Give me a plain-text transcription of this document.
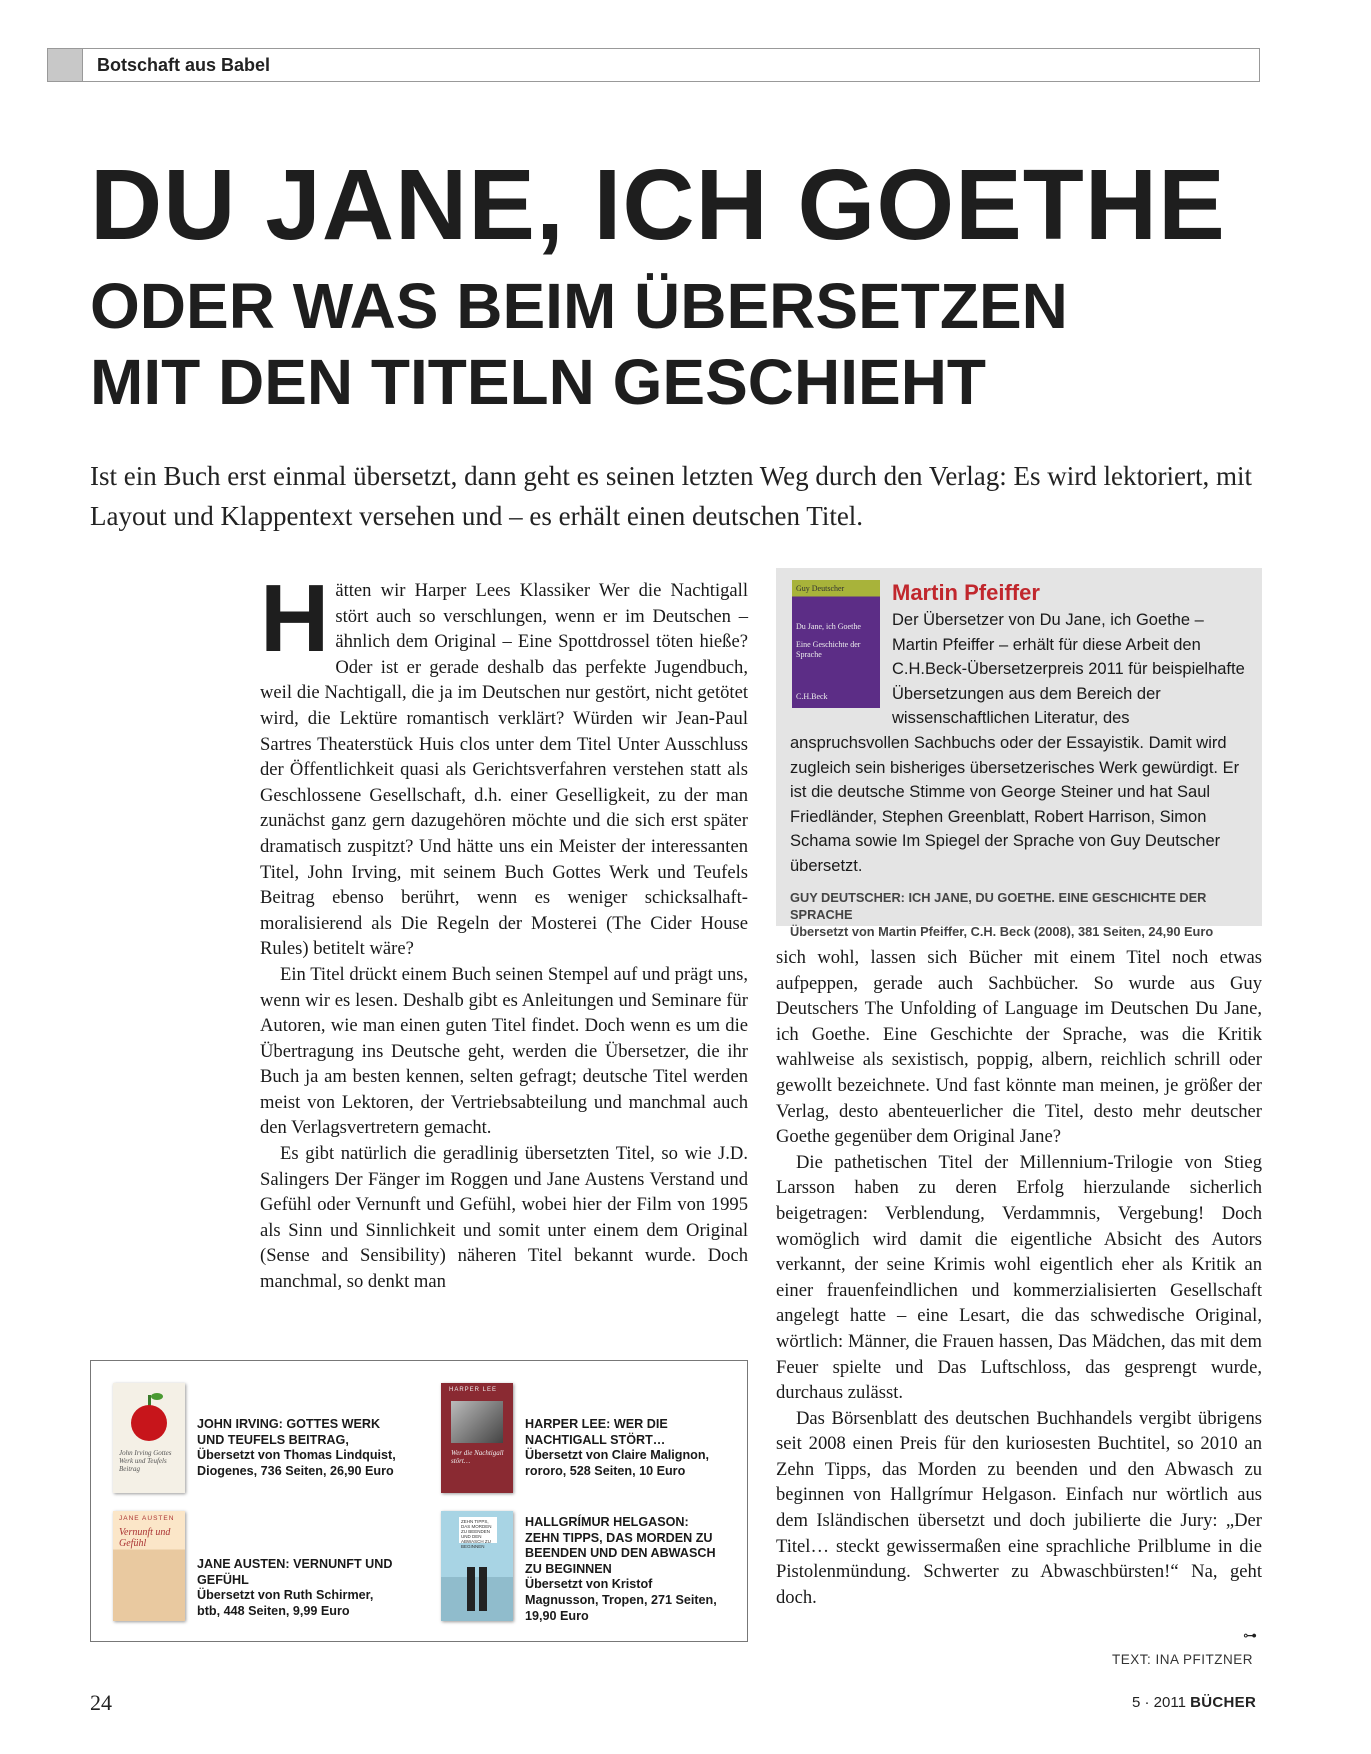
Botschaft aus Babel
DU JANE, ICH GOETHE
ODER WAS BEIM ÜBERSETZEN
MIT DEN TITELN GESCHIEHT
Ist ein Buch erst einmal übersetzt, dann geht es seinen letzten Weg durch den Verlag: Es wird lektoriert, mit Layout und Klappentext versehen und – es erhält einen deutschen Titel.

Hätten wir Harper Lees Klassiker Wer die Nachtigall stört auch so verschlungen, wenn er im Deutschen – ähnlich dem Original – Eine Spottdrossel töten hieße? Oder ist er gerade deshalb das perfekte Jugendbuch, weil die Nachtigall, die ja im Deutschen nur gestört, nicht getötet wird, die Lektüre romantisch verklärt? Würden wir Jean-Paul Sartres Theaterstück Huis clos unter dem Titel Unter Ausschluss der Öffentlichkeit quasi als Gerichtsverfahren verstehen statt als Geschlossene Gesellschaft, d.h. einer Geselligkeit, zu der man zunächst ganz gern dazugehören möchte und die sich erst später dramatisch zuspitzt? Und hätte uns ein Meister der interessanten Titel, John Irving, mit seinem Buch Gottes Werk und Teufels Beitrag ebenso berührt, wenn es weniger schicksalhaft-moralisierend als Die Regeln der Mosterei (The Cider House Rules) betitelt wäre?

Ein Titel drückt einem Buch seinen Stempel auf und prägt uns, wenn wir es lesen. Deshalb gibt es Anleitungen und Seminare für Autoren, wie man einen guten Titel findet. Doch wenn es um die Übertragung ins Deutsche geht, werden die Übersetzer, die ihr Buch ja am besten kennen, selten gefragt; deutsche Titel werden meist von Lektoren, der Vertriebsabteilung und manchmal auch den Verlagsvertretern gemacht.

Es gibt natürlich die geradlinig übersetzten Titel, so wie J.D. Salingers Der Fänger im Roggen und Jane Austens Verstand und Gefühl oder Vernunft und Gefühl, wobei hier der Film von 1995 als Sinn und Sinnlichkeit und somit unter einem dem Original (Sense and Sensibility) näheren Titel bekannt wurde. Doch manchmal, so denkt man

Guy Deutscher
Du Jane, ich Goethe
Eine Geschichte der Sprache
C.H.Beck
Martin Pfeiffer
Der Übersetzer von Du Jane, ich Goethe – Martin Pfeiffer – erhält für diese Arbeit den C.H.Beck-Übersetzerpreis 2011 für beispielhafte Übersetzungen aus dem Bereich der wissenschaftlichen Literatur, des anspruchsvollen Sachbuchs oder der Essayistik. Damit wird zugleich sein bisheriges übersetzerisches Werk gewürdigt. Er ist die deutsche Stimme von George Steiner und hat Saul Friedländer, Stephen Greenblatt, Robert Harrison, Simon Schama sowie Im Spiegel der Sprache von Guy Deutscher übersetzt.
GUY DEUTSCHER: ICH JANE, DU GOETHE. EINE GESCHICHTE DER SPRACHE
Übersetzt von Martin Pfeiffer, C.H. Beck (2008), 381 Seiten, 24,90 Euro

sich wohl, lassen sich Bücher mit einem Titel noch etwas aufpeppen, gerade auch Sachbücher. So wurde aus Guy Deutschers The Unfolding of Language im Deutschen Du Jane, ich Goethe. Eine Geschichte der Sprache, was die Kritik wahlweise als sexistisch, poppig, albern, reichlich schrill oder gewollt bezeichnete. Und fast könnte man meinen, je größer der Verlag, desto abenteuerlicher die Titel, desto mehr deutscher Goethe gegenüber dem Original Jane?

Die pathetischen Titel der Millennium-Trilogie von Stieg Larsson haben zu deren Erfolg hierzulande sicherlich beigetragen: Verblendung, Verdammnis, Vergebung! Doch womöglich wird damit die eigentliche Absicht des Autors verkannt, der seine Krimis wohl eigentlich eher als Kritik an einer frauenfeindlichen und kommerzialisierten Gesellschaft angelegt hatte – eine Lesart, die das schwedische Original, wörtlich: Männer, die Frauen hassen, Das Mädchen, das mit dem Feuer spielte und Das Luftschloss, das gesprengt wurde, durchaus zulässt.

Das Börsenblatt des deutschen Buchhandels vergibt übrigens seit 2008 einen Preis für den kuriosesten Buchtitel, so 2010 an Zehn Tipps, das Morden zu beenden und den Abwasch zu beginnen von Hallgrímur Helgason. Einfach nur wörtlich aus dem Isländischen übersetzt und doch jubilierte die Jury: „Der Titel… steckt gewissermaßen eine sprachliche Prilblume in die Pistolenmündung. Schwerter zu Abwaschbürsten!“ Na, geht doch.

⊶
John Irving Gottes Werk und Teufels Beitrag
JOHN IRVING: GOTTES WERK UND TEUFELS BEITRAG,
Übersetzt von Thomas Lindquist, Diogenes, 736 Seiten, 26,90 Euro
HARPER LEE
Wer die Nachtigall stört…
HARPER LEE: WER DIE NACHTIGALL STÖRT…
Übersetzt von Claire Malignon, rororo, 528 Seiten, 10 Euro
JANE AUSTEN
Vernunft und Gefühl
JANE AUSTEN: VERNUNFT UND GEFÜHL
Übersetzt von Ruth Schirmer, btb, 448 Seiten, 9,99 Euro
ZEHN TIPPS, DAS MORDEN ZU BEENDEN UND DEN ABWASCH ZU BEGINNEN
HALLGRÍMUR HELGASON: ZEHN TIPPS, DAS MORDEN ZU BEENDEN UND DEN ABWASCH ZU BEGINNEN
Übersetzt von Kristof Magnusson, Tropen, 271 Seiten, 19,90 Euro
TEXT: INA PFITZNER
24	5 · 2011 BÜCHER
